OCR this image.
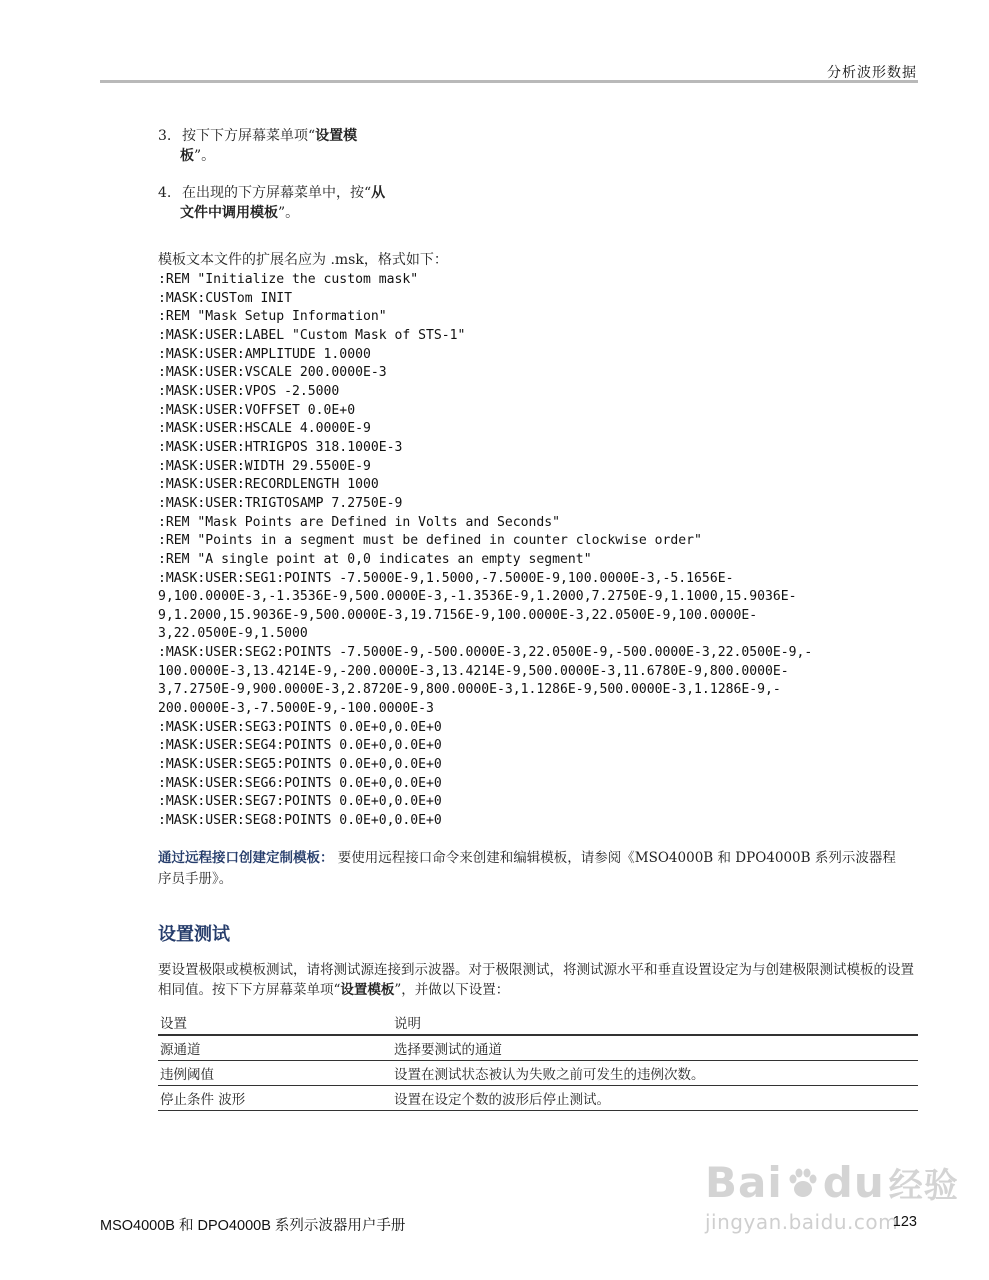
分析波形数据
3. 按下下方屏幕菜单项“设置模
板”。
4. 在出现的下方屏幕菜单中，按“从
文件中调用模板”。
模板文本文件的扩展名应为 .msk，格式如下：
:REM "Initialize the custom mask"
:MASK:CUSTom INIT
:REM "Mask Setup Information"
:MASK:USER:LABEL "Custom Mask of STS-1"
:MASK:USER:AMPLITUDE 1.0000
:MASK:USER:VSCALE 200.0000E-3
:MASK:USER:VPOS -2.5000
:MASK:USER:VOFFSET 0.0E+0
:MASK:USER:HSCALE 4.0000E-9
:MASK:USER:HTRIGPOS 318.1000E-3
:MASK:USER:WIDTH 29.5500E-9
:MASK:USER:RECORDLENGTH 1000
:MASK:USER:TRIGTOSAMP 7.2750E-9
:REM "Mask Points are Defined in Volts and Seconds"
:REM "Points in a segment must be defined in counter clockwise order"
:REM "A single point at 0,0 indicates an empty segment"
:MASK:USER:SEG1:POINTS -7.5000E-9,1.5000,-7.5000E-9,100.0000E-3,-5.1656E-
9,100.0000E-3,-1.3536E-9,500.0000E-3,-1.3536E-9,1.2000,7.2750E-9,1.1000,15.9036E-
9,1.2000,15.9036E-9,500.0000E-3,19.7156E-9,100.0000E-3,22.0500E-9,100.0000E-
3,22.0500E-9,1.5000
:MASK:USER:SEG2:POINTS -7.5000E-9,-500.0000E-3,22.0500E-9,-500.0000E-3,22.0500E-9,-
100.0000E-3,13.4214E-9,-200.0000E-3,13.4214E-9,500.0000E-3,11.6780E-9,800.0000E-
3,7.2750E-9,900.0000E-3,2.8720E-9,800.0000E-3,1.1286E-9,500.0000E-3,1.1286E-9,-
200.0000E-3,-7.5000E-9,-100.0000E-3
:MASK:USER:SEG3:POINTS 0.0E+0,0.0E+0
:MASK:USER:SEG4:POINTS 0.0E+0,0.0E+0
:MASK:USER:SEG5:POINTS 0.0E+0,0.0E+0
:MASK:USER:SEG6:POINTS 0.0E+0,0.0E+0
:MASK:USER:SEG7:POINTS 0.0E+0,0.0E+0
:MASK:USER:SEG8:POINTS 0.0E+0,0.0E+0
通过远程接口创建定制模板： 要使用远程接口命令来创建和编辑模板，请参阅《MSO4000B 和 DPO4000B 系列示波器程序员手册》。
设置测试
要设置极限或模板测试，请将测试源连接到示波器。对于极限测试，将测试源水平和垂直设置设定为与创建极限测试模板的设置相同值。按下下方屏幕菜单项“设置模板”，并做以下设置：
设置	说明
源通道	选择要测试的通道
违例阈值	设置在测试状态被认为失败之前可发生的违例次数。
停止条件 波形	设置在设定个数的波形后停止测试。
Bai du 经验
jingyan.baidu.com
MSO4000B 和 DPO4000B 系列示波器用户手册	123
